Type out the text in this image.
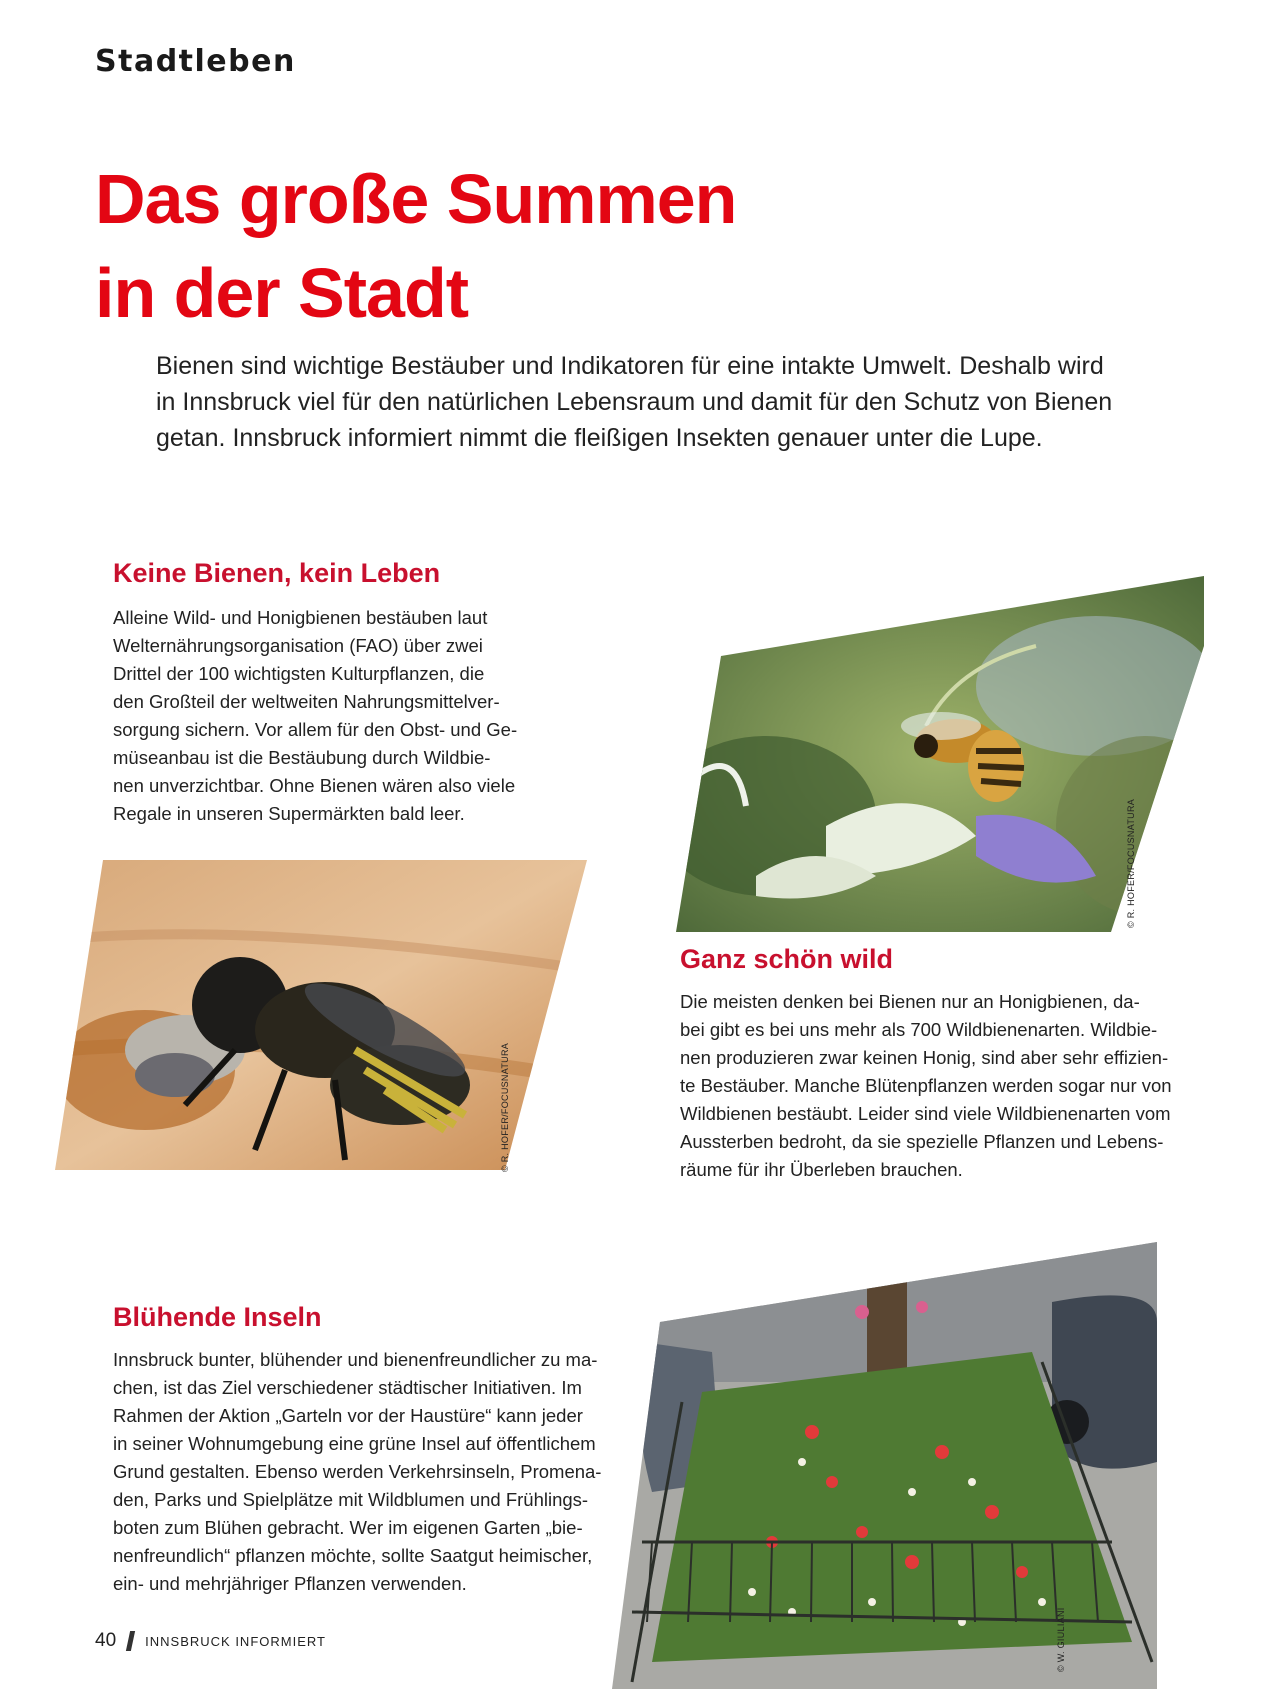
Stadtleben
Das große Summen
in der Stadt

Bienen sind wichtige Bestäuber und Indikatoren für eine intakte Umwelt. Deshalb wird in Innsbruck viel für den natürlichen Lebensraum und damit für den Schutz von Bienen getan. Innsbruck informiert nimmt die fleißigen Insekten genauer unter die Lupe.

Keine Bienen, kein Leben

Alleine Wild- und Honigbienen bestäuben laut
Welternährungsorganisation (FAO) über zwei
Drittel der 100 wichtigsten Kulturpflanzen, die
den Großteil der weltweiten Nahrungsmittelver-
sorgung sichern. Vor allem für den Obst- und Ge-
müseanbau ist die Bestäubung durch Wildbie-
nen unverzichtbar. Ohne Bienen wären also viele
Regale in unseren Supermärkten bald leer.	© R. HOFER/FOCUSNATURA
© R. HOFER/FOCUSNATURA
Ganz schön wild

Die meisten denken bei Bienen nur an Honigbienen, da-
bei gibt es bei uns mehr als 700 Wildbienenarten. Wildbie-
nen produzieren zwar keinen Honig, sind aber sehr effizien-
te Bestäuber. Manche Blütenpflanzen werden sogar nur von
Wildbienen bestäubt. Leider sind viele Wildbienenarten vom
Aussterben bedroht, da sie spezielle Pflanzen und Lebens-
räume für ihr Überleben brauchen.

Blühende Inseln

Innsbruck bunter, blühender und bienenfreundlicher zu ma-
chen, ist das Ziel verschiedener städtischer Initiativen. Im
Rahmen der Aktion „Garteln vor der Haustüre“ kann jeder
in seiner Wohnumgebung eine grüne Insel auf öffentlichem
Grund gestalten. Ebenso werden Verkehrsinseln, Promena-
den, Parks und Spielplätze mit Wildblumen und Frühlings-
boten zum Blühen gebracht. Wer im eigenen Garten „bie-
nenfreundlich“ pflanzen möchte, sollte Saatgut heimischer,
ein- und mehrjähriger Pflanzen verwenden.

© W. GIULIANI
40 INNSBRUCK INFORMIERT
